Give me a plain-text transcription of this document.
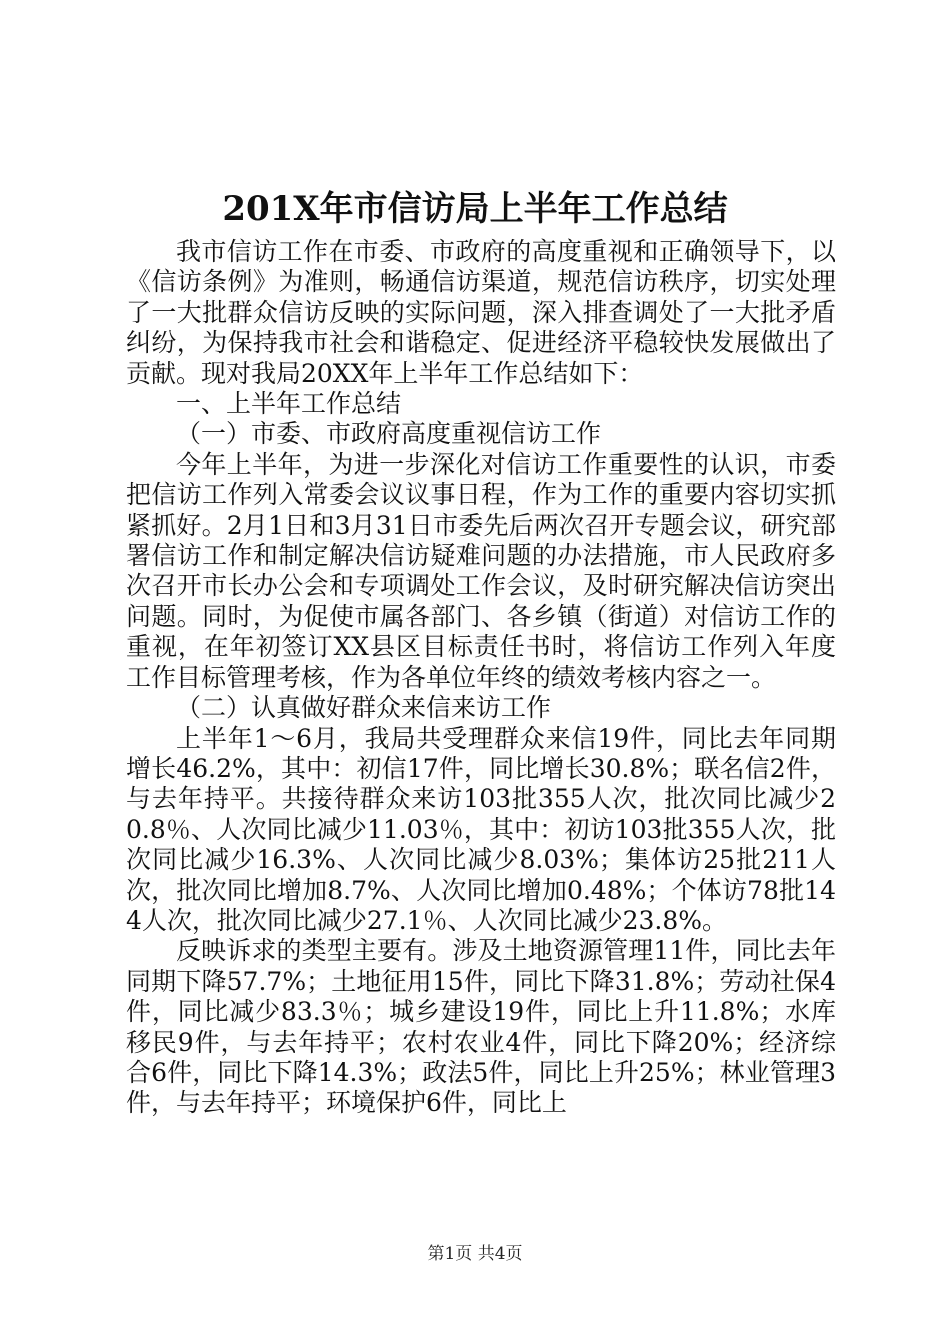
201X年市信访局上半年工作总结

我市信访工作在市委、市政府的高度重视和正确领导下，以《信访条例》为准则，畅通信访渠道，规范信访秩序，切实处理了一大批群众信访反映的实际问题，深入排查调处了一大批矛盾纠纷，为保持我市社会和谐稳定、促进经济平稳较快发展做出了贡献。现对我局20XX年上半年工作总结如下：

一、上半年工作总结

（一）市委、市政府高度重视信访工作

今年上半年，为进一步深化对信访工作重要性的认识，市委把信访工作列入常委会议议事日程，作为工作的重要内容切实抓紧抓好。2月1日和3月31日市委先后两次召开专题会议，研究部署信访工作和制定解决信访疑难问题的办法措施，市人民政府多次召开市长办公会和专项调处工作会议，及时研究解决信访突出问题。同时，为促使市属各部门、各乡镇（街道）对信访工作的重视，在年初签订XX县区目标责任书时，将信访工作列入年度工作目标管理考核，作为各单位年终的绩效考核内容之一。

（二）认真做好群众来信来访工作

上半年1～6月，我局共受理群众来信19件，同比去年同期增长46.2%，其中：初信17件，同比增长30.8%；联名信2件，与去年持平。共接待群众来访103批355人次，批次同比减少20.8％、人次同比减少11.03％，其中：初访103批355人次，批次同比减少16.3%、人次同比减少8.03%；集体访25批211人次，批次同比增加8.7%、人次同比增加0.48%；个体访78批144人次，批次同比减少27.1％、人次同比减少23.8%。

反映诉求的类型主要有。涉及土地资源管理11件，同比去年同期下降57.7%；土地征用15件，同比下降31.8%；劳动社保4件，同比减少83.3％；城乡建设19件，同比上升11.8%；水库移民9件，与去年持平；农村农业4件，同比下降20%；经济综合6件，同比下降14.3%；政法5件，同比上升25%；林业管理3件，与去年持平；环境保护6件，同比上

第1页 共4页
